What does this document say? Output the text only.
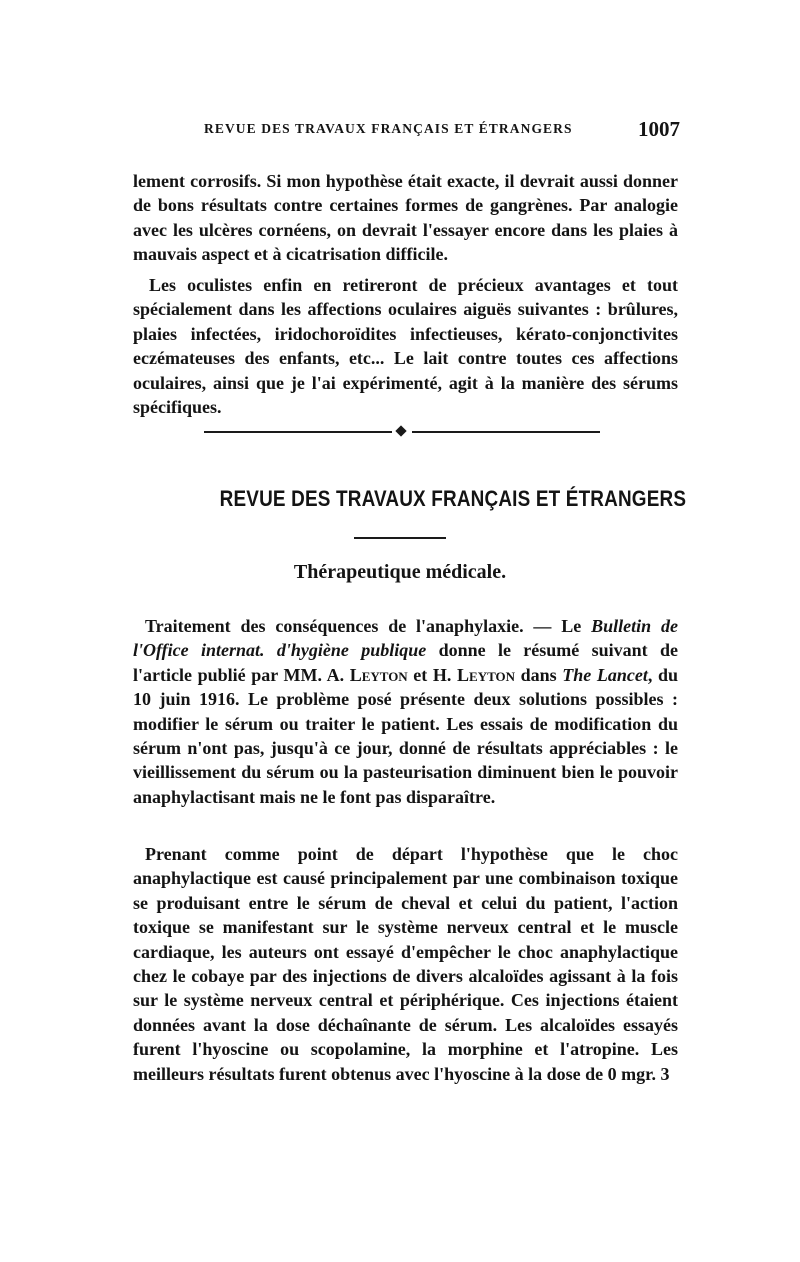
REVUE DES TRAVAUX FRANÇAIS ET ÉTRANGERS	1007

lement corrosifs. Si mon hypothèse était exacte, il devrait aussi donner de bons résultats contre certaines formes de gangrènes. Par analogie avec les ulcères cornéens, on devrait l'essayer encore dans les plaies à mauvais aspect et à cicatrisation difficile.

Les oculistes enfin en retireront de précieux avantages et tout spécialement dans les affections oculaires aiguës suivantes : brûlures, plaies infectées, iridochoroïdites infectieuses, kérato-conjonctivites eczémateuses des enfants, etc... Le lait contre toutes ces affections oculaires, ainsi que je l'ai expérimenté, agit à la manière des sérums spécifiques.

REVUE DES TRAVAUX FRANÇAIS ET ÉTRANGERS
Thérapeutique médicale.

Traitement des conséquences de l'anaphylaxie. — Le Bulletin de l'Office internat. d'hygiène publique donne le résumé suivant de l'article publié par MM. A. Leyton et H. Leyton dans The Lancet, du 10 juin 1916. Le problème posé présente deux solutions possibles : modifier le sérum ou traiter le patient. Les essais de modification du sérum n'ont pas, jusqu'à ce jour, donné de résultats appréciables : le vieillissement du sérum ou la pasteurisation diminuent bien le pouvoir anaphylactisant mais ne le font pas disparaître.

Prenant comme point de départ l'hypothèse que le choc anaphylactique est causé principalement par une combinaison toxique se produisant entre le sérum de cheval et celui du patient, l'action toxique se manifestant sur le système nerveux central et le muscle cardiaque, les auteurs ont essayé d'empêcher le choc anaphylactique chez le cobaye par des injections de divers alcaloïdes agissant à la fois sur le système nerveux central et périphérique. Ces injections étaient données avant la dose déchaînante de sérum. Les alcaloïdes essayés furent l'hyoscine ou scopolamine, la morphine et l'atropine. Les meilleurs résultats furent obtenus avec l'hyoscine à la dose de 0 mgr. 3
